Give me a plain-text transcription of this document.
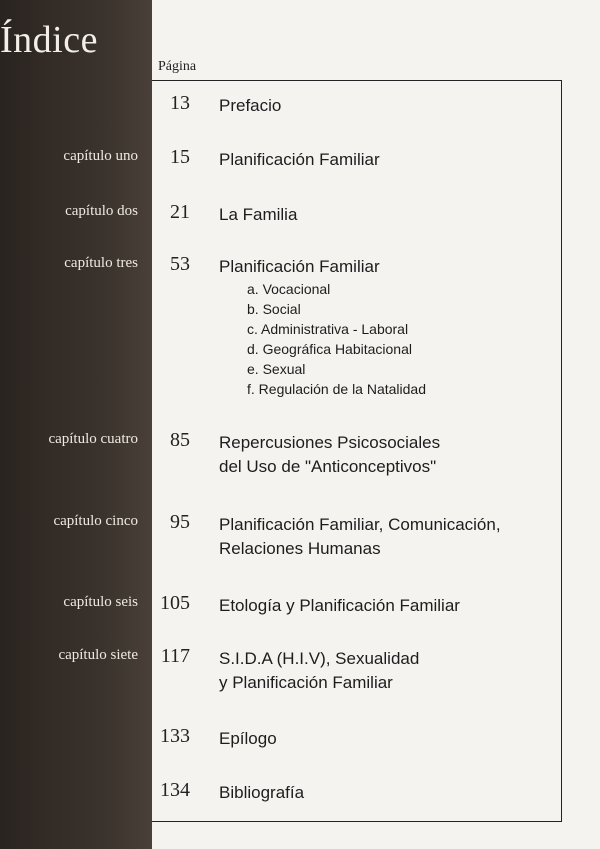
Índice
Página
13 Prefacio
capítulo uno 15 Planificación Familiar
capítulo dos 21 La Familia
capítulo tres 53 Planificación Familiar
a. Vocacional
b. Social
c. Administrativa - Laboral
d. Geográfica Habitacional
e. Sexual
f. Regulación de la Natalidad
capítulo cuatro 85 Repercusiones Psicosociales
del Uso de "Anticonceptivos"
capítulo cinco 95 Planificación Familiar, Comunicación,
Relaciones Humanas
capítulo seis 105 Etología y Planificación Familiar
capítulo siete 117 S.I.D.A (H.I.V), Sexualidad
y Planificación Familiar
133 Epílogo
134 Bibliografía
